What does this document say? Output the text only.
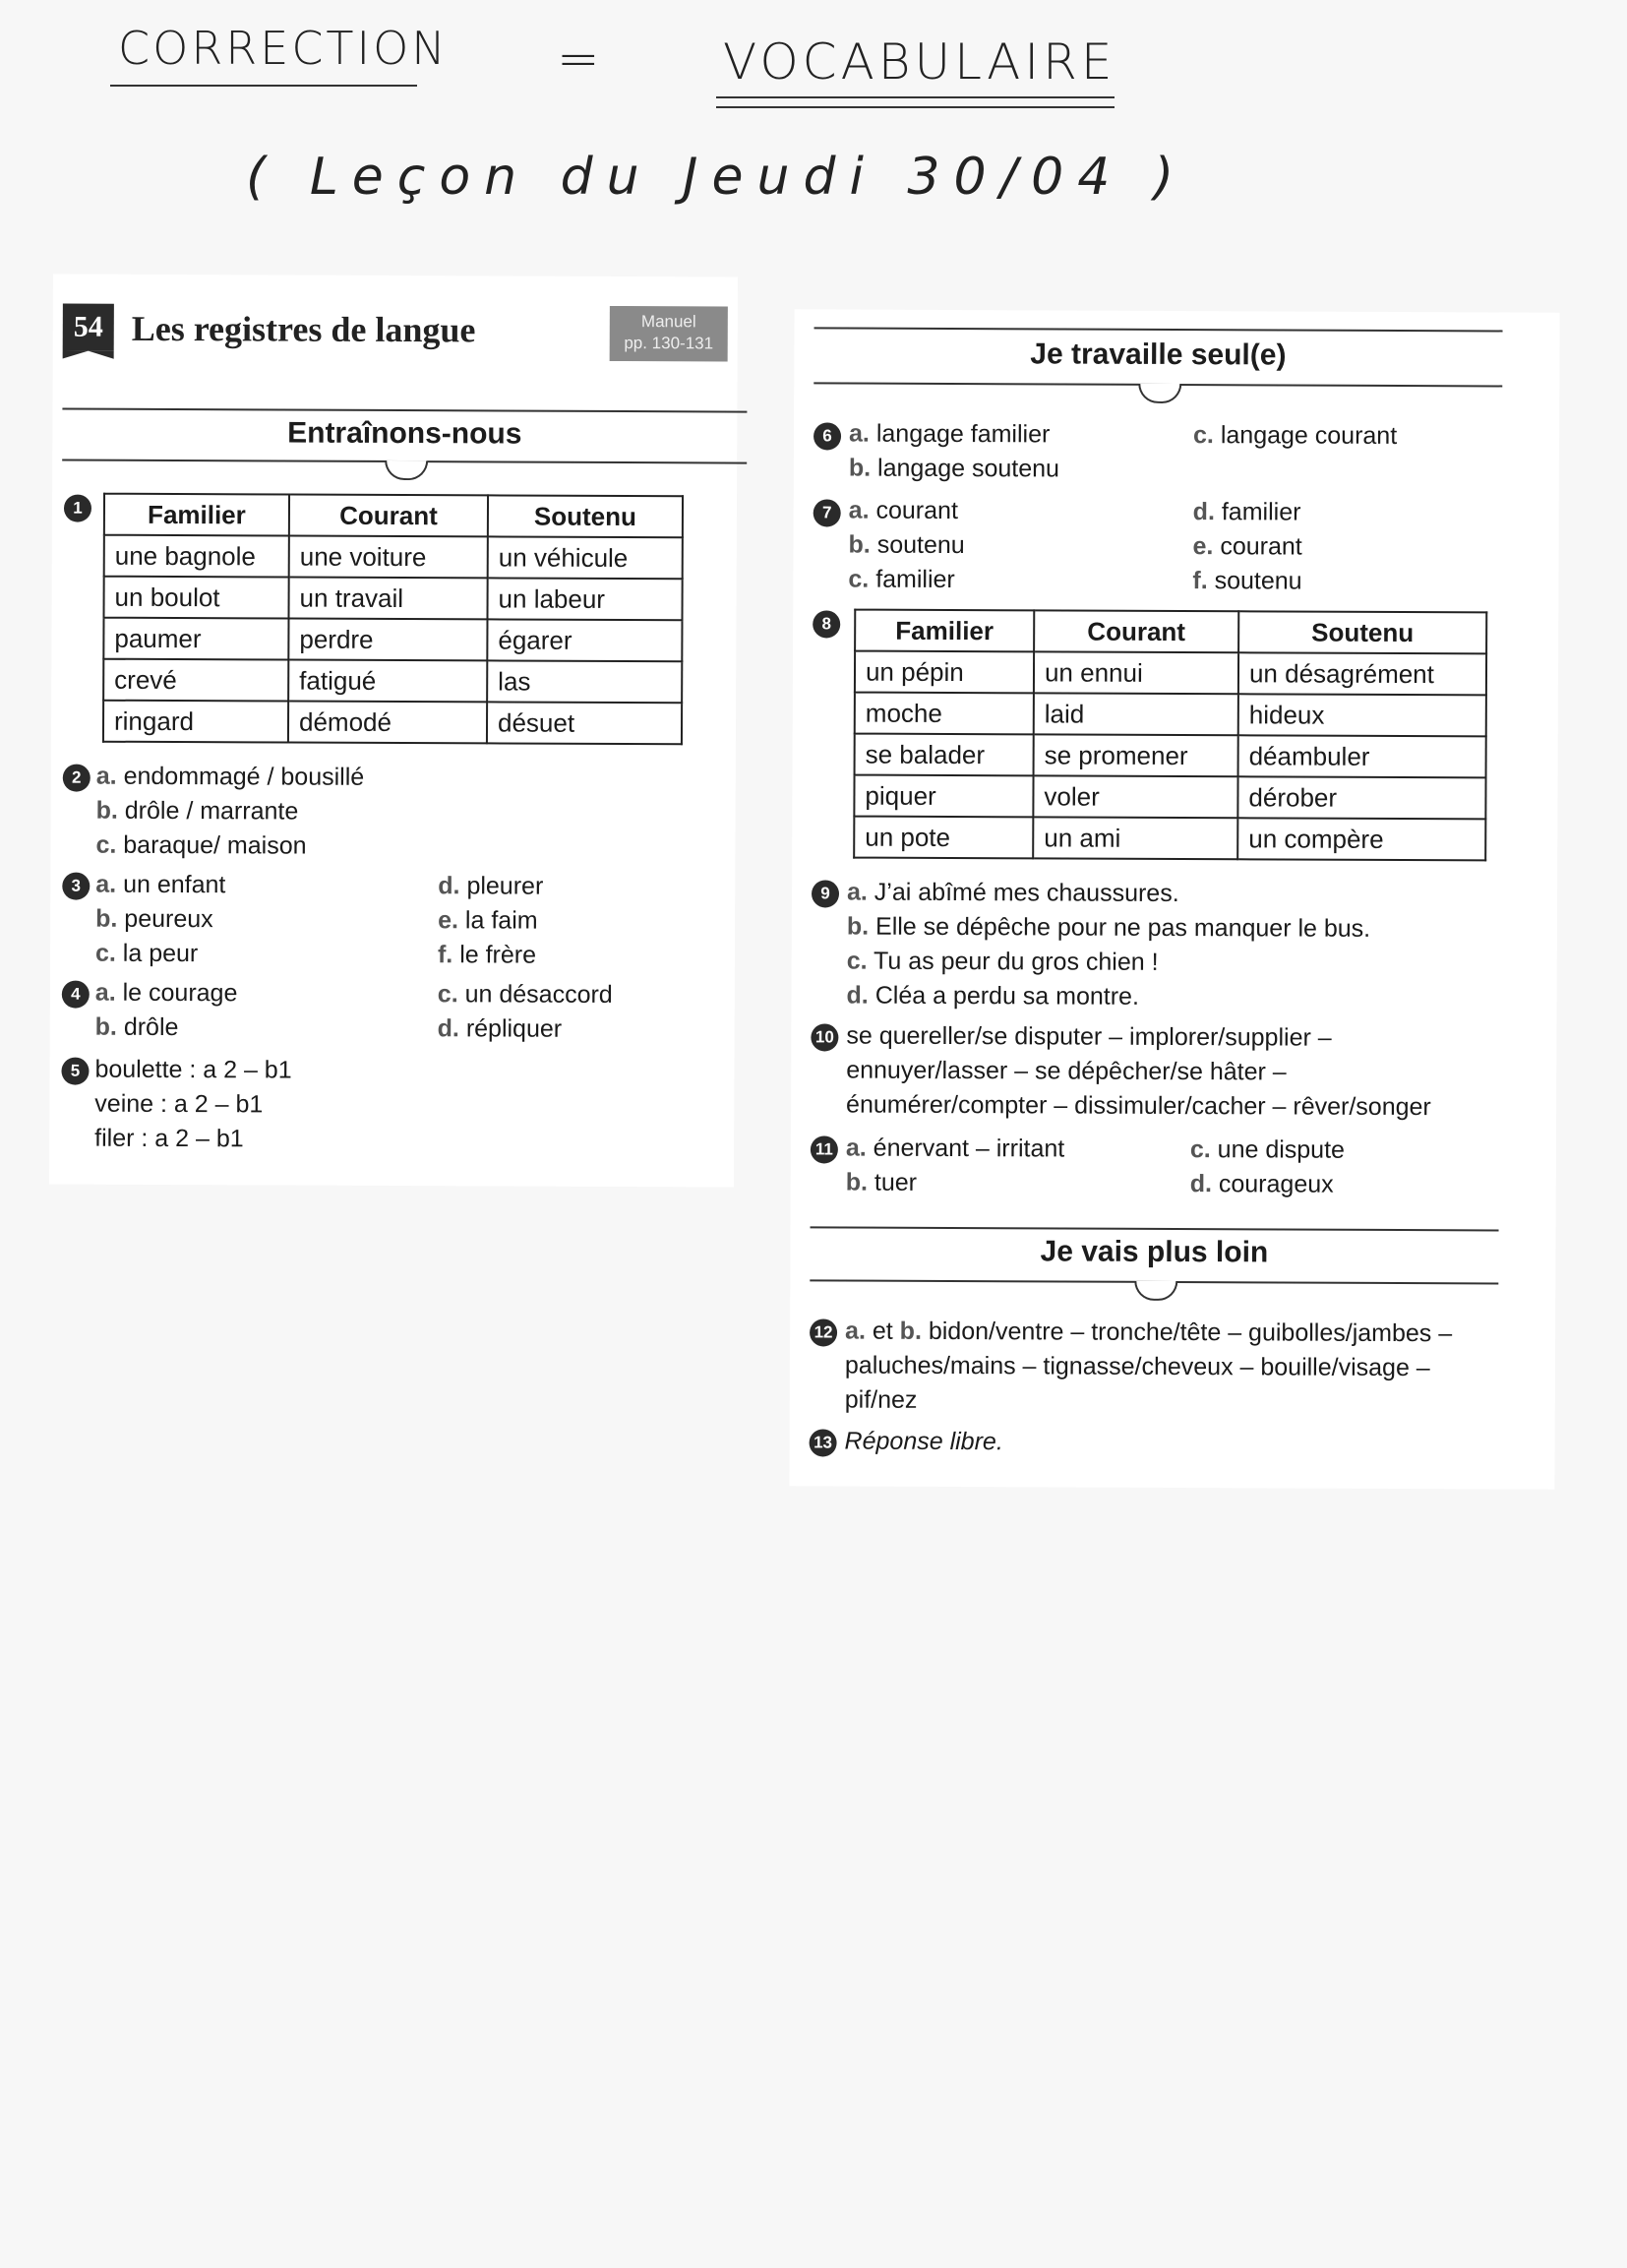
CORRECTION = VOCABULAIRE
( Leçon du Jeudi 30/04 )
54 Les registres de langue	Manuel
pp. 130-131
Entraînons-nous
1	Familier	Courant	Soutenu
une bagnole	une voiture	un véhicule
un boulot	un travail	un labeur
paumer	perdre	égarer
crevé	fatigué	las
ringard	démodé	désuet
2 a. endommagé / bousillé
b. drôle / marrante
c. baraque/ maison
3 a. un enfant
b. peureux
c. la peur
d. pleurer
e. la faim
f. le frère
4 a. le courage
b. drôle
c. un désaccord
d. répliquer
5 boulette : a 2 – b1
veine : a 2 – b1
filer : a 2 – b1
Je travaille seul(e)
6 a. langage familier
b. langage soutenu
c. langage courant
7 a. courant
b. soutenu
c. familier
d. familier
e. courant
f. soutenu
8	Familier	Courant	Soutenu
un pépin	un ennui	un désagrément
moche	laid	hideux
se balader	se promener	déambuler
piquer	voler	dérober
un pote	un ami	un compère
9 a. J’ai abîmé mes chaussures.
b. Elle se dépêche pour ne pas manquer le bus.
c. Tu as peur du gros chien !
d. Cléa a perdu sa montre.
10 se quereller/se disputer – implorer/supplier –
ennuyer/lasser – se dépêcher/se hâter –
énumérer/compter – dissimuler/cacher – rêver/songer
11 a. énervant – irritant
b. tuer
c. une dispute
d. courageux
Je vais plus loin
12 a. et b. bidon/ventre – tronche/tête – guibolles/jambes –
paluches/mains – tignasse/cheveux – bouille/visage –
pif/nez
13 Réponse libre.
